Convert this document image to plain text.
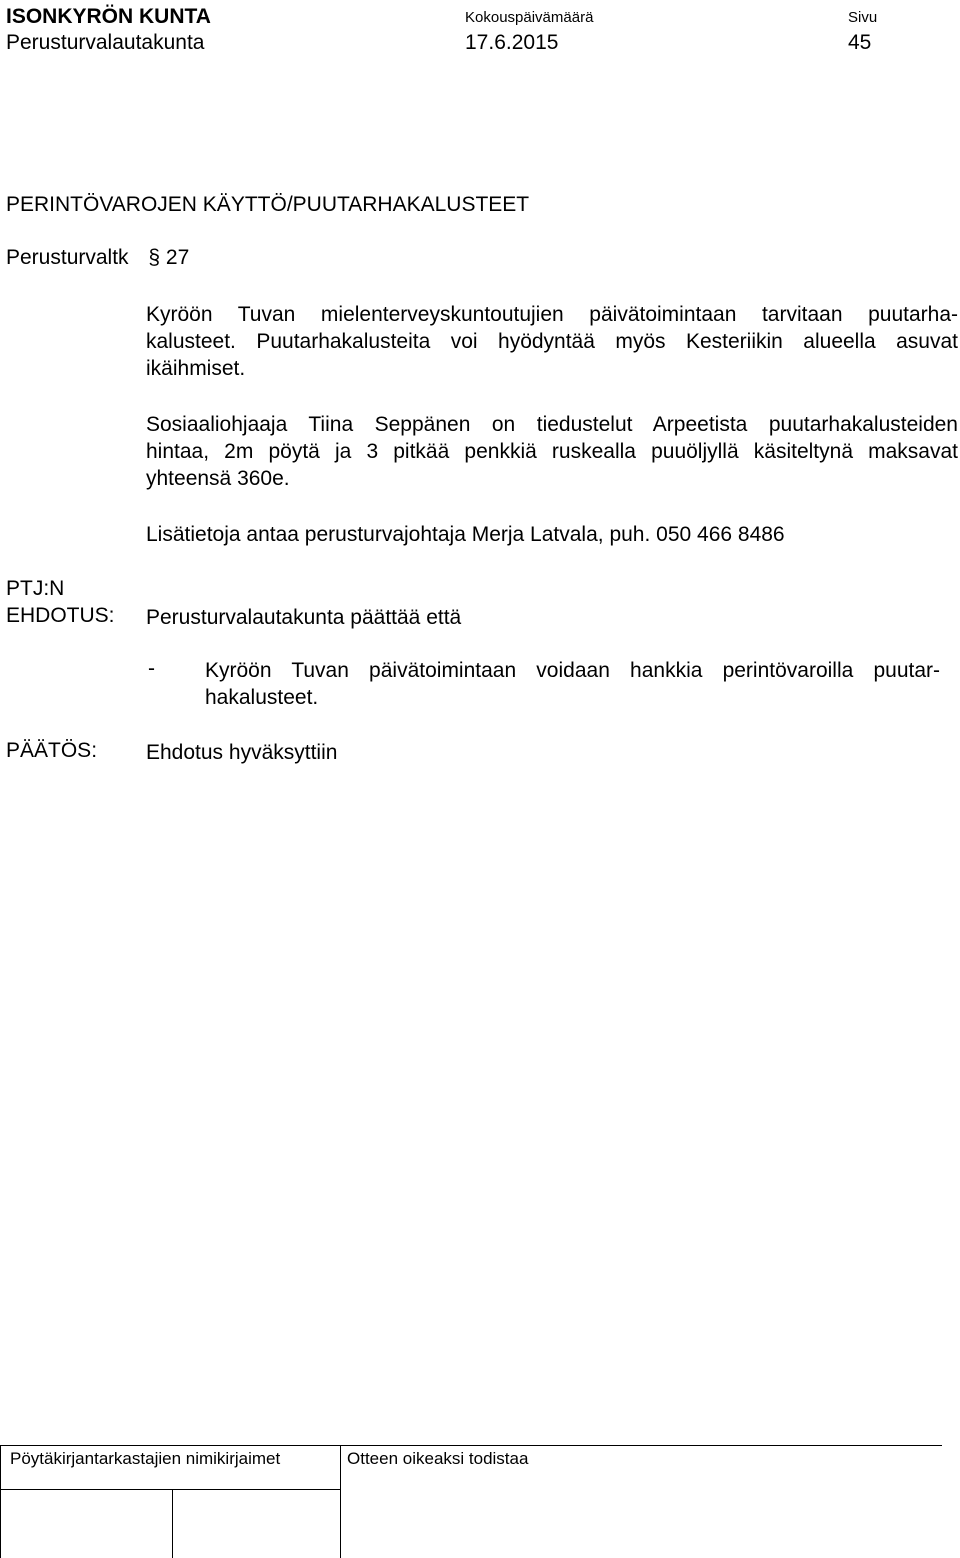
ISONKYRÖN KUNTA
Perusturvalautakunta
Kokouspäivämäärä
17.6.2015
Sivu
45
PERINTÖVAROJEN KÄYTTÖ/PUUTARHAKALUSTEET
Perusturvaltk § 27
Kyröön Tuvan mielenterveyskuntoutujien päivätoimintaan tarvitaan puutarha-
kalusteet. Puutarhakalusteita voi hyödyntää myös Kesteriikin alueella asuvat
ikäihmiset.
Sosiaaliohjaaja Tiina Seppänen on tiedustelut Arpeetista puutarhakalusteiden
hintaa, 2m pöytä ja 3 pitkää penkkiä ruskealla puuöljyllä käsiteltynä maksavat
yhteensä 360e.
Lisätietoja antaa perusturvajohtaja Merja Latvala, puh. 050 466 8486
PTJ:N
EHDOTUS: Perusturvalautakunta päättää että
- Kyröön Tuvan päivätoimintaan voidaan hankkia perintövaroilla puutar-
hakalusteet.
PÄÄTÖS: Ehdotus hyväksyttiin
Pöytäkirjantarkastajien nimikirjaimet	Otteen oikeaksi todistaa
